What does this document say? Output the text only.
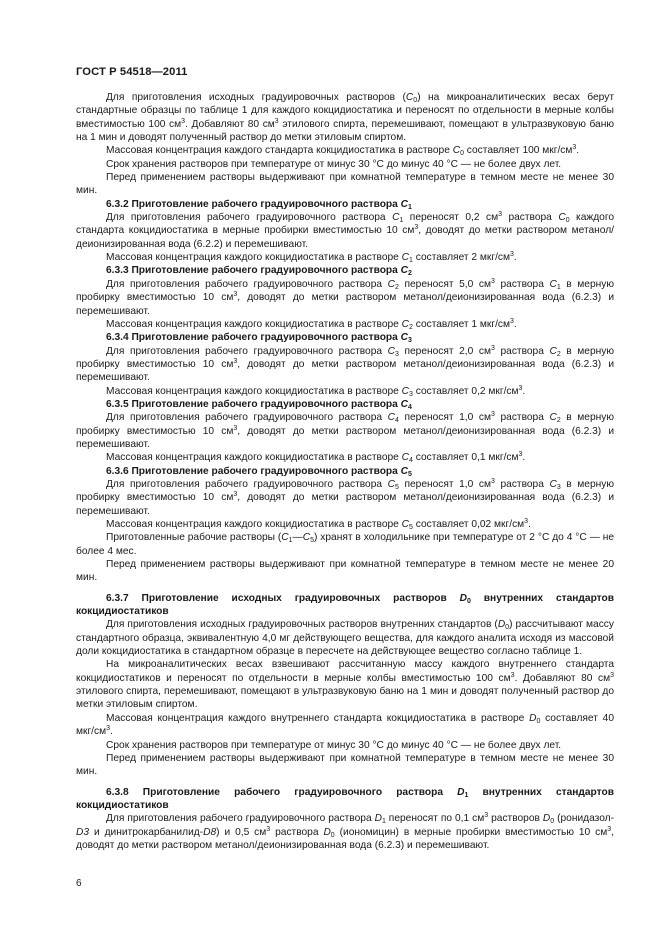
ГОСТ Р 54518—2011

Для приготовления исходных градуировочных растворов $(С_0)$ на микроаналитических весах берут стандартные образцы по таблице 1 для каждого кокцидиостатика и переносят по отдельности в мерные колбы вместимостью 100 $см^3$. Добавляют 80 $см^3$ этилового спирта, перемешивают, помещают в ультразвуковую баню на 1 мин и доводят полученный раствор до метки этиловым спиртом.

Массовая концентрация каждого стандарта кокцидиостатика в растворе $С_0$ составляет 100 мкг/$см^3$.

Срок хранения растворов при температуре от минус 30 °С до минус 40 °С — не более двух лет.

Перед применением растворы выдерживают при комнатной температуре в темном месте не менее 30 мин.

6.3.2 Приготовление рабочего градуировочного раствора $С_1$

Для приготовления рабочего градуировочного раствора $С_1$ переносят 0,2 $см^3$ раствора $С_0$ каждого стандарта кокцидиостатика в мерные пробирки вместимостью 10 $см^3$, доводят до метки раствором метанол/деионизированная вода (6.2.2) и перемешивают.

Массовая концентрация каждого кокцидиостатика в растворе $С_1$ составляет 2 мкг/$см^3$.

6.3.3 Приготовление рабочего градуировочного раствора $С_2$

Для приготовления рабочего градуировочного раствора $С_2$ переносят 5,0 $см^3$ раствора $С_1$ в мерную пробирку вместимостью 10 $см^3$, доводят до метки раствором метанол/деионизированная вода (6.2.3) и перемешивают.

Массовая концентрация каждого кокцидиостатика в растворе $С_2$ составляет 1 мкг/$см^3$.

6.3.4 Приготовление рабочего градуировочного раствора $С_3$

Для приготовления рабочего градуировочного раствора $С_3$ переносят 2,0 $см^3$ раствора $С_2$ в мерную пробирку вместимостью 10 $см^3$, доводят до метки раствором метанол/деионизированная вода (6.2.3) и перемешивают.

Массовая концентрация каждого кокцидиостатика в растворе $С_3$ составляет 0,2 мкг/$см^3$.

6.3.5 Приготовление рабочего градуировочного раствора $С_4$

Для приготовления рабочего градуировочного раствора $С_4$ переносят 1,0 $см^3$ раствора $С_2$ в мерную пробирку вместимостью 10 $см^3$, доводят до метки раствором метанол/деионизированная вода (6.2.3) и перемешивают.

Массовая концентрация каждого кокцидиостатика в растворе $С_4$ составляет 0,1 мкг/$см^3$.

6.3.6 Приготовление рабочего градуировочного раствора $С_5$

Для приготовления рабочего градуировочного раствора $С_5$ переносят 1,0 $см^3$ раствора $С_3$ в мерную пробирку вместимостью 10 $см^3$, доводят до метки раствором метанол/деионизированная вода (6.2.3) и перемешивают.

Массовая концентрация каждого кокцидиостатика в растворе $С_5$ составляет 0,02 мкг/$см^3$.

Приготовленные рабочие растворы $(С_1—С_5)$ хранят в холодильнике при температуре от 2 °С до 4 °С — не более 4 мес.

Перед применением растворы выдерживают при комнатной температуре в темном месте не менее 20 мин.

6.3.7 Приготовление исходных градуировочных растворов $D_0$ внутренних стандартов кокцидиостатиков

Для приготовления исходных градуировочных растворов внутренних стандартов $(D_0)$ рассчитывают массу стандартного образца, эквивалентную 4,0 мг действующего вещества, для каждого аналита исходя из массовой доли кокцидиостатика в стандартном образце в пересчете на действующее вещество согласно таблице 1.

На микроаналитических весах взвешивают рассчитанную массу каждого внутреннего стандарта кокцидиостатиков и переносят по отдельности в мерные колбы вместимостью 100 $см^3$. Добавляют 80 $см^3$ этилового спирта, перемешивают, помещают в ультразвуковую баню на 1 мин и доводят полученный раствор до метки этиловым спиртом.

Массовая концентрация каждого внутреннего стандарта кокцидиостатика в растворе $D_0$ составляет 40 мкг/$см^3$.

Срок хранения растворов при температуре от минус 30 °С до минус 40 °С — не более двух лет.

Перед применением растворы выдерживают при комнатной температуре в темном месте не менее 30 мин.

6.3.8 Приготовление рабочего градуировочного раствора $D_1$ внутренних стандартов кокцидиостатиков

Для приготовления рабочего градуировочного раствора $D_1$ переносят по 0,1 $см^3$ растворов $D_0$ (ронидазол-D3 и динитрокарбанилид-D8) и 0,5 $см^3$ раствора $D_0$ (иономицин) в мерные пробирки вместимостью 10 $см^3$, доводят до метки раствором метанол/деионизированная вода (6.2.3) и перемешивают.

6
